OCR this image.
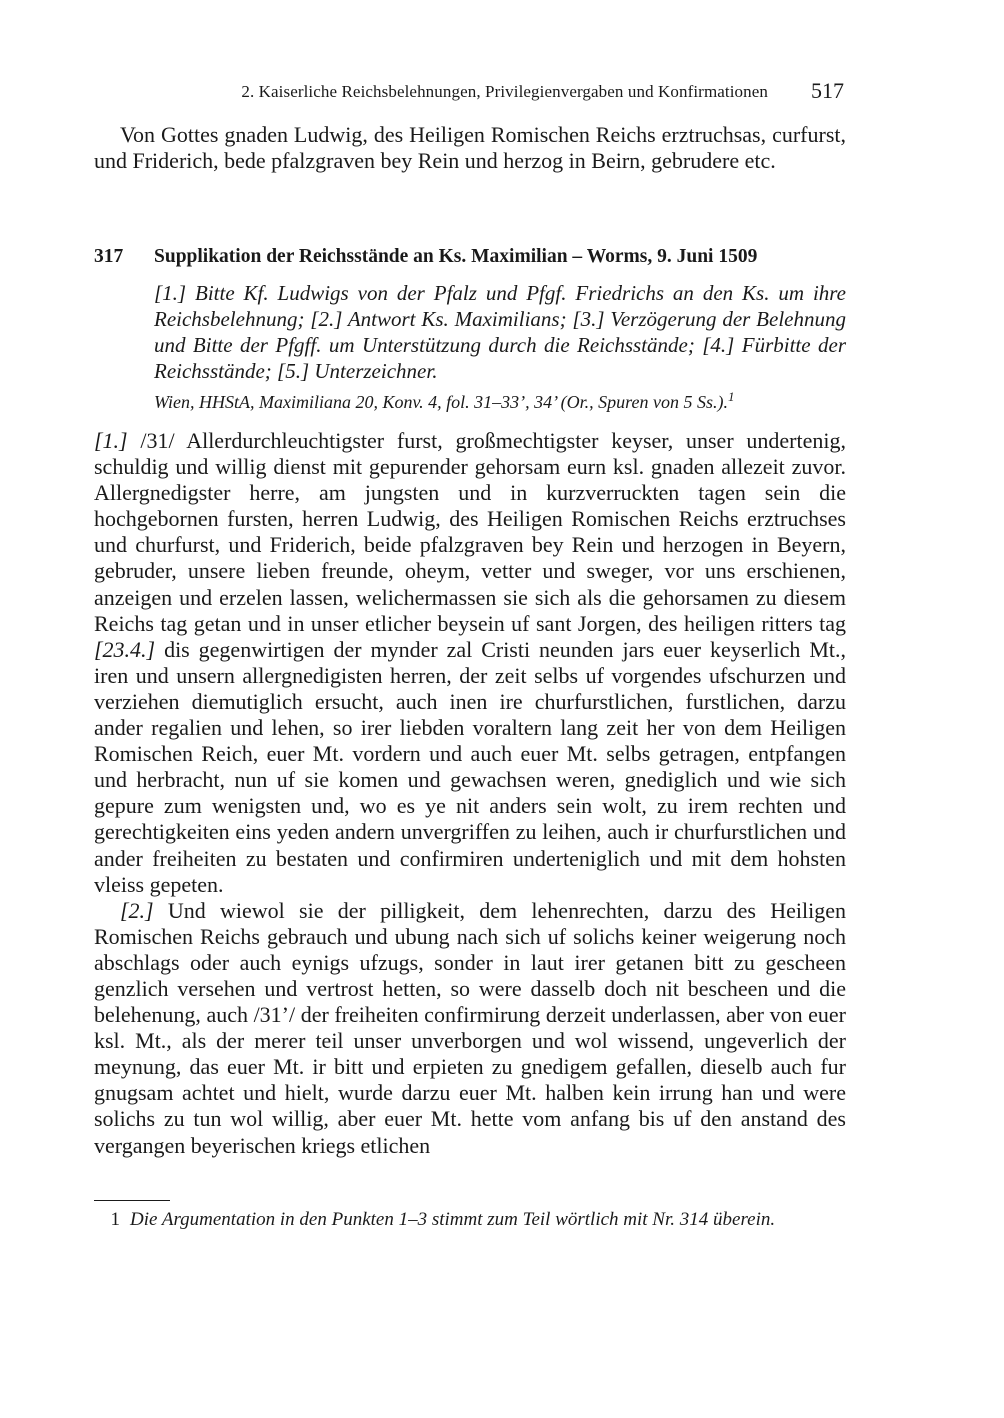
2. Kaiserliche Reichsbelehnungen, Privilegienvergaben und Konfirmationen 517
Von Gottes gnaden Ludwig, des Heiligen Romischen Reichs erztruchsas, curfurst, und Friderich, bede pfalzgraven bey Rein und herzog in Beirn, gebrudere etc.
317 Supplikation der Reichsstände an Ks. Maximilian – Worms, 9. Juni 1509
[1.] Bitte Kf. Ludwigs von der Pfalz und Pfgf. Friedrichs an den Ks. um ihre Reichsbelehnung; [2.] Antwort Ks. Maximilians; [3.] Verzögerung der Belehnung und Bitte der Pfgff. um Unterstützung durch die Reichsstände; [4.] Fürbitte der Reichsstände; [5.] Unterzeichner.
Wien, HHStA, Maximiliana 20, Konv. 4, fol. 31–33’, 34’ (Or., Spuren von 5 Ss.).$^1$

[1.] /31/ Allerdurchleuchtigster furst, großmechtigster keyser, unser undertenig, schuldig und willig dienst mit gepurender gehorsam eurn ksl. gnaden allezeit zuvor. Allergnedigster herre, am jungsten und in kurzverruckten tagen sein die hochgebornen fursten, herren Ludwig, des Heiligen Romischen Reichs erztruchses und churfurst, und Friderich, beide pfalzgraven bey Rein und herzogen in Beyern, gebruder, unsere lieben freunde, oheym, vetter und sweger, vor uns erschienen, anzeigen und erzelen lassen, welichermassen sie sich als die gehorsamen zu diesem Reichs tag getan und in unser etlicher beysein uf sant Jorgen, des heiligen ritters tag [23.4.] dis gegenwirtigen der mynder zal Cristi neunden jars euer keyserlich Mt., iren und unsern allergnedigisten herren, der zeit selbs uf vorgendes ufschurzen und verziehen diemutiglich ersucht, auch inen ire churfurstlichen, furstlichen, darzu ander regalien und lehen, so irer liebden voraltern lang zeit her von dem Heiligen Romischen Reich, euer Mt. vordern und auch euer Mt. selbs getragen, entpfangen und herbracht, nun uf sie komen und gewachsen weren, gnediglich und wie sich gepure zum wenigsten und, wo es ye nit anders sein wolt, zu irem rechten und gerechtigkeiten eins yeden andern unvergriffen zu leihen, auch ir churfurstlichen und ander freiheiten zu bestaten und confirmiren underteniglich und mit dem hohsten vleiss gepeten.

[2.] Und wiewol sie der pilligkeit, dem lehenrechten, darzu des Heiligen Romischen Reichs gebrauch und ubung nach sich uf solichs keiner weigerung noch abschlags oder auch eynigs ufzugs, sonder in laut irer getanen bitt zu gescheen genzlich versehen und vertrost hetten, so were dasselb doch nit bescheen und die belehenung, auch /31’/ der freiheiten confirmirung derzeit underlassen, aber von euer ksl. Mt., als der merer teil unser unverborgen und wol wissend, ungeverlich der meynung, das euer Mt. ir bitt und erpieten zu gnedigem gefallen, dieselb auch fur gnugsam achtet und hielt, wurde darzu euer Mt. halben kein irrung han und were solichs zu tun wol willig, aber euer Mt. hette vom anfang bis uf den anstand des vergangen beyerischen kriegs etlichen

1 Die Argumentation in den Punkten 1–3 stimmt zum Teil wörtlich mit Nr. 314 überein.
